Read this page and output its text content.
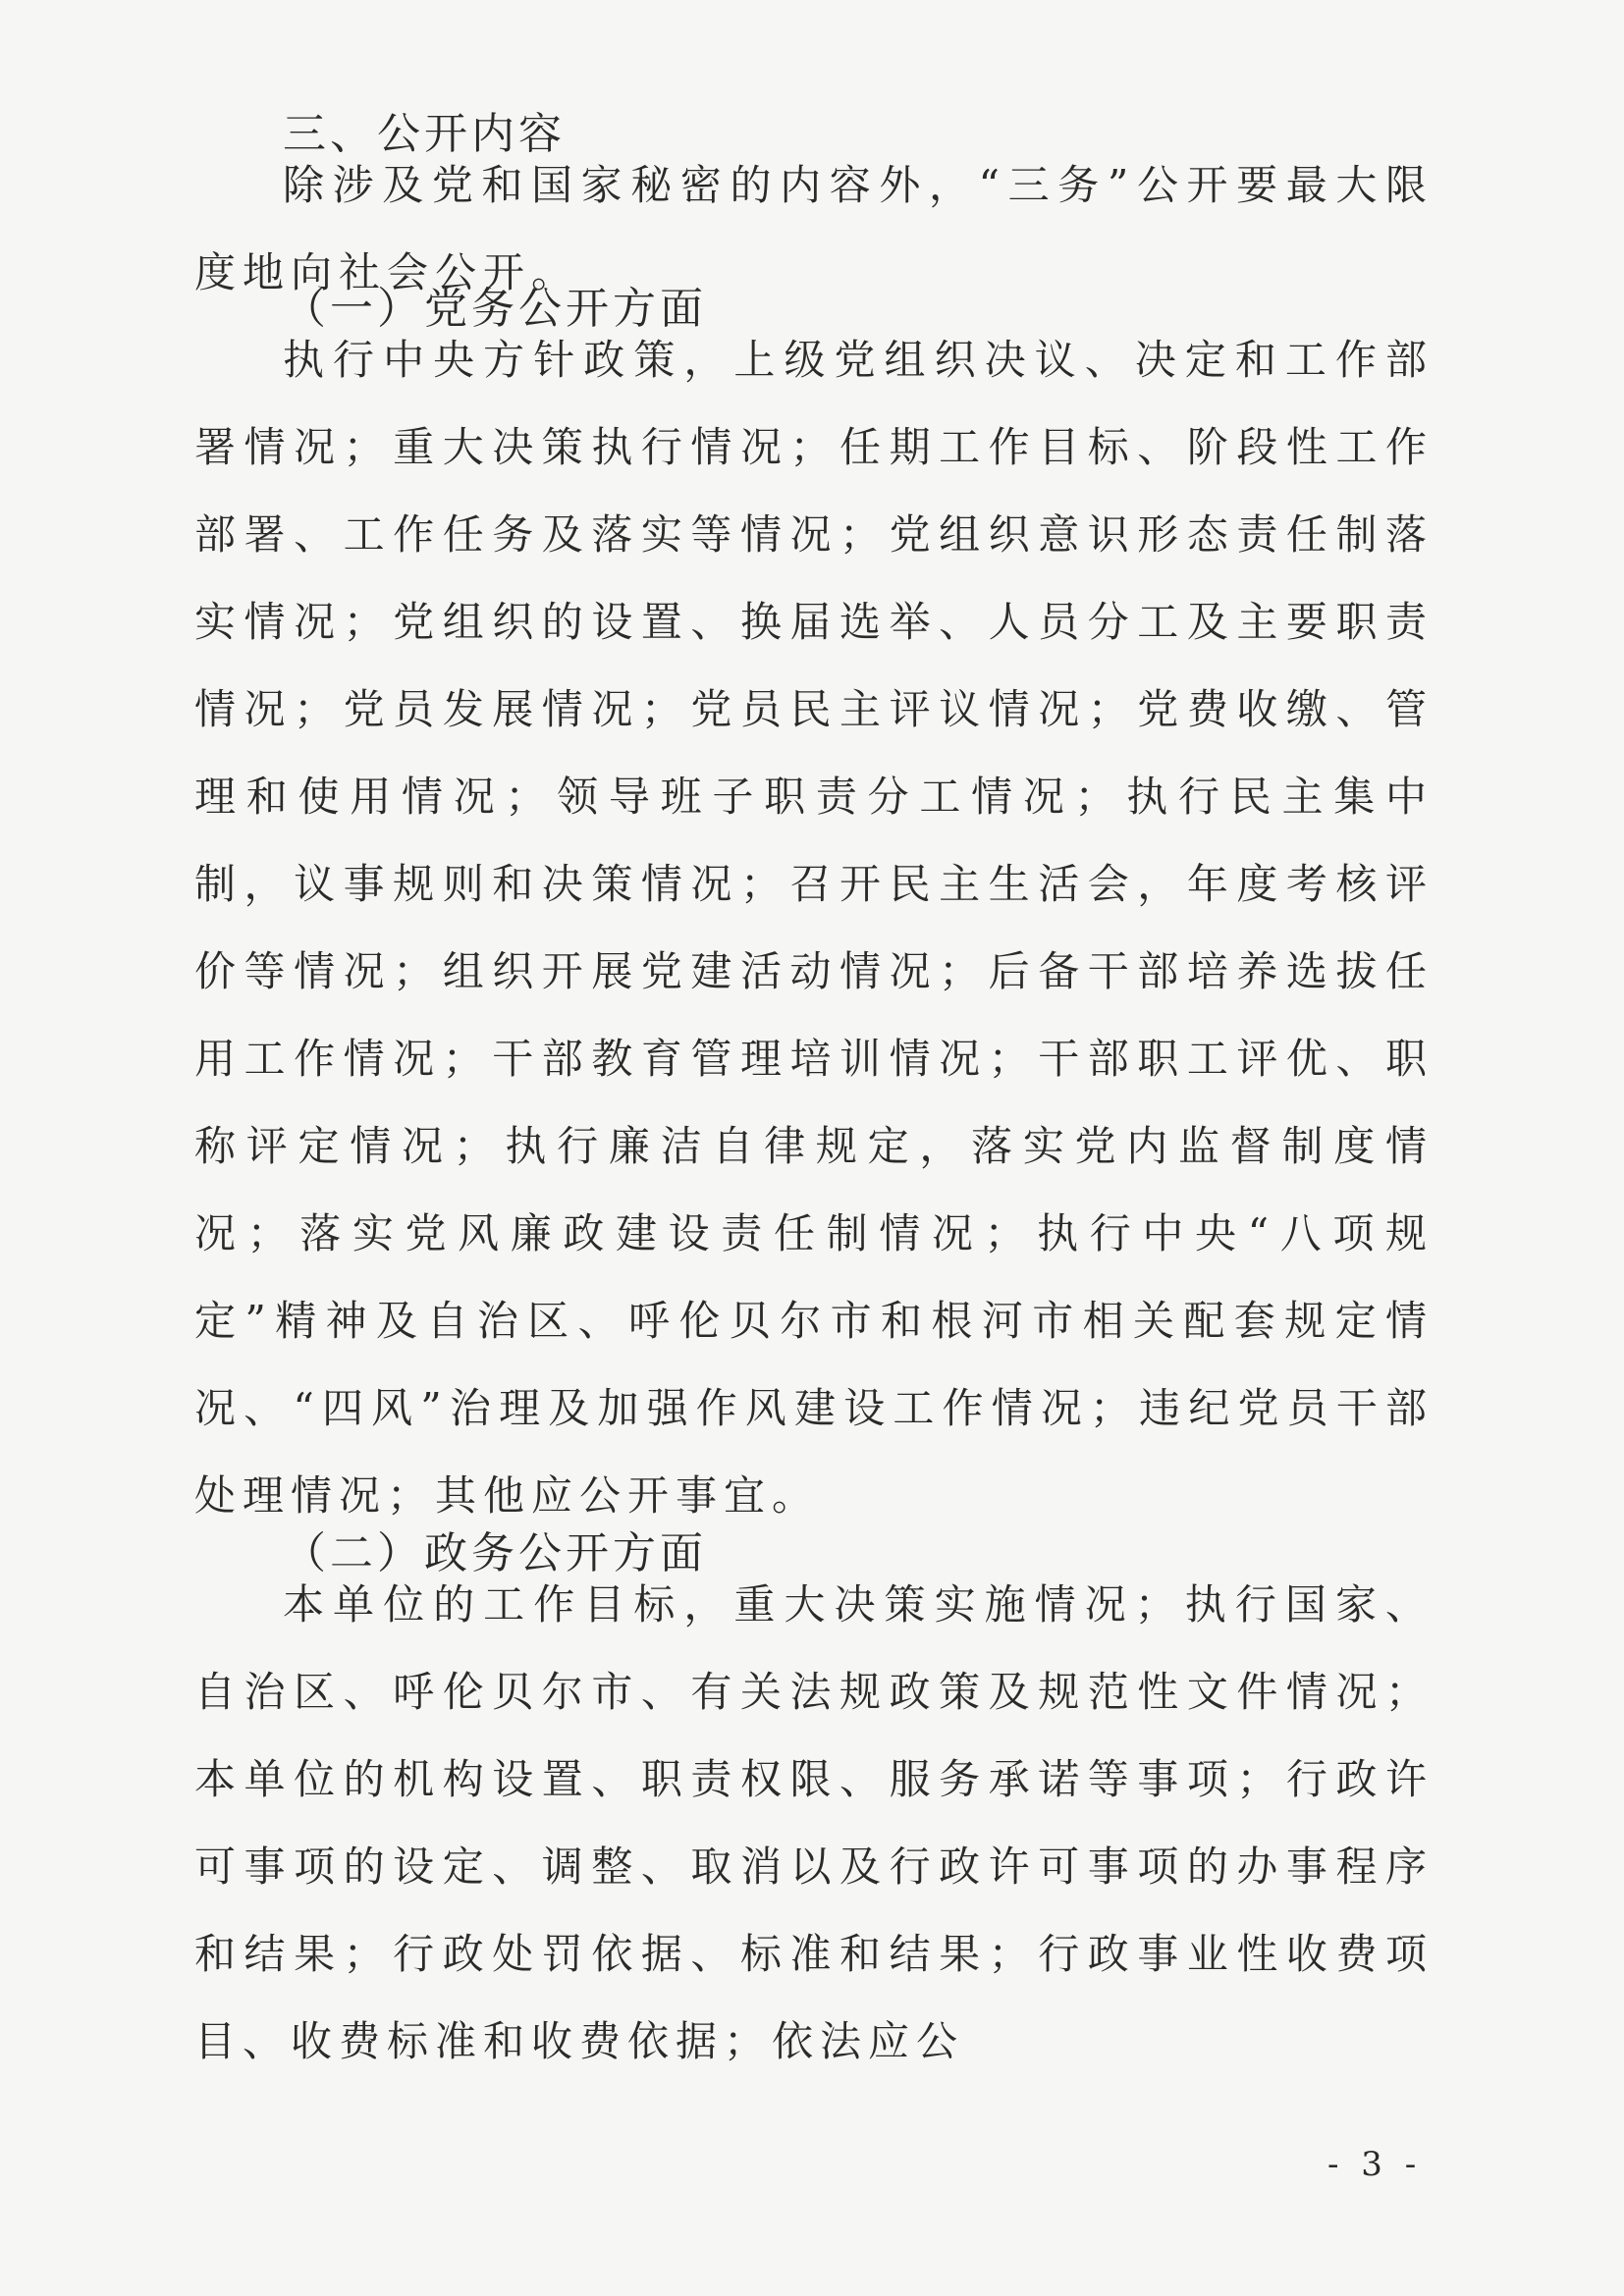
三、公开内容

除涉及党和国家秘密的内容外，“三务”公开要最大限度地向社会公开。

（一）党务公开方面

执行中央方针政策，上级党组织决议、决定和工作部署情况；重大决策执行情况；任期工作目标、阶段性工作部署、工作任务及落实等情况；党组织意识形态责任制落实情况；党组织的设置、换届选举、人员分工及主要职责情况；党员发展情况；党员民主评议情况；党费收缴、管理和使用情况；领导班子职责分工情况；执行民主集中制，议事规则和决策情况；召开民主生活会，年度考核评价等情况；组织开展党建活动情况；后备干部培养选拔任用工作情况；干部教育管理培训情况；干部职工评优、职称评定情况；执行廉洁自律规定，落实党内监督制度情况；落实党风廉政建设责任制情况；执行中央“八项规定”精神及自治区、呼伦贝尔市和根河市相关配套规定情况、“四风”治理及加强作风建设工作情况；违纪党员干部处理情况；其他应公开事宜。

（二）政务公开方面

本单位的工作目标，重大决策实施情况；执行国家、自治区、呼伦贝尔市、有关法规政策及规范性文件情况；本单位的机构设置、职责权限、服务承诺等事项；行政许可事项的设定、调整、取消以及行政许可事项的办事程序和结果；行政处罚依据、标准和结果；行政事业性收费项目、收费标准和收费依据；依法应公

- 3 -
